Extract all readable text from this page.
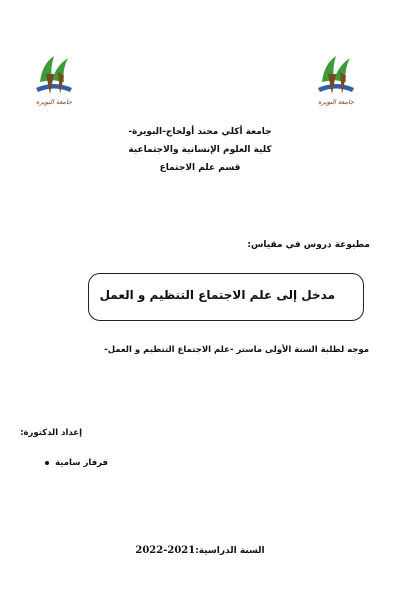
جامعة البويرة	جامعة البويرة
جامعة أكلي محند أولحاج-البويرة-
كلية العلوم الإنسانية والاجتماعية
قسم علم الاجتماع
مطبوعة دروس في مقياس:
مدخل إلى علم الاجتماع التنظيم و العمل
موجه لطلبة السنة الأولى ماستر -علم الاجتماع التنظيم و العمل-
إعداد الدكتورة:
فرفار سامية
السنة الدراسية:2022-2021
